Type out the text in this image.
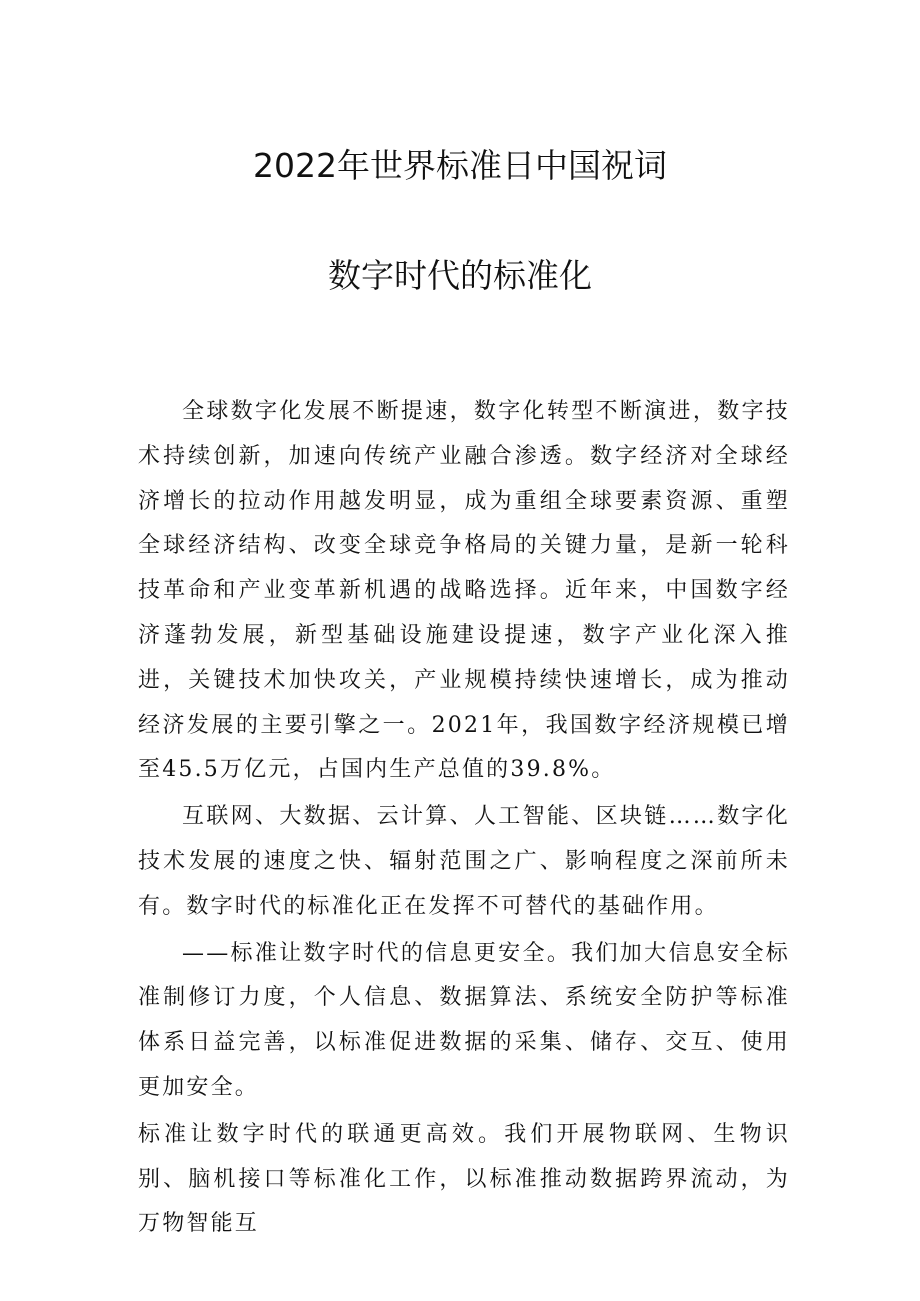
2022年世界标准日中国祝词
数字时代的标准化

全球数字化发展不断提速，数字化转型不断演进，数字技术持续创新，加速向传统产业融合渗透。数字经济对全球经济增长的拉动作用越发明显，成为重组全球要素资源、重塑全球经济结构、改变全球竞争格局的关键力量，是新一轮科技革命和产业变革新机遇的战略选择。近年来，中国数字经济蓬勃发展，新型基础设施建设提速，数字产业化深入推进，关键技术加快攻关，产业规模持续快速增长，成为推动经济发展的主要引擎之一。2021年，我国数字经济规模已增至45.5万亿元，占国内生产总值的39.8%。

互联网、大数据、云计算、人工智能、区块链……数字化技术发展的速度之快、辐射范围之广、影响程度之深前所未有。数字时代的标准化正在发挥不可替代的基础作用。

——标准让数字时代的信息更安全。我们加大信息安全标准制修订力度，个人信息、数据算法、系统安全防护等标准体系日益完善，以标准促进数据的采集、储存、交互、使用更加安全。

标准让数字时代的联通更高效。我们开展物联网、生物识别、脑机接口等标准化工作，以标准推动数据跨界流动，为万物智能互
